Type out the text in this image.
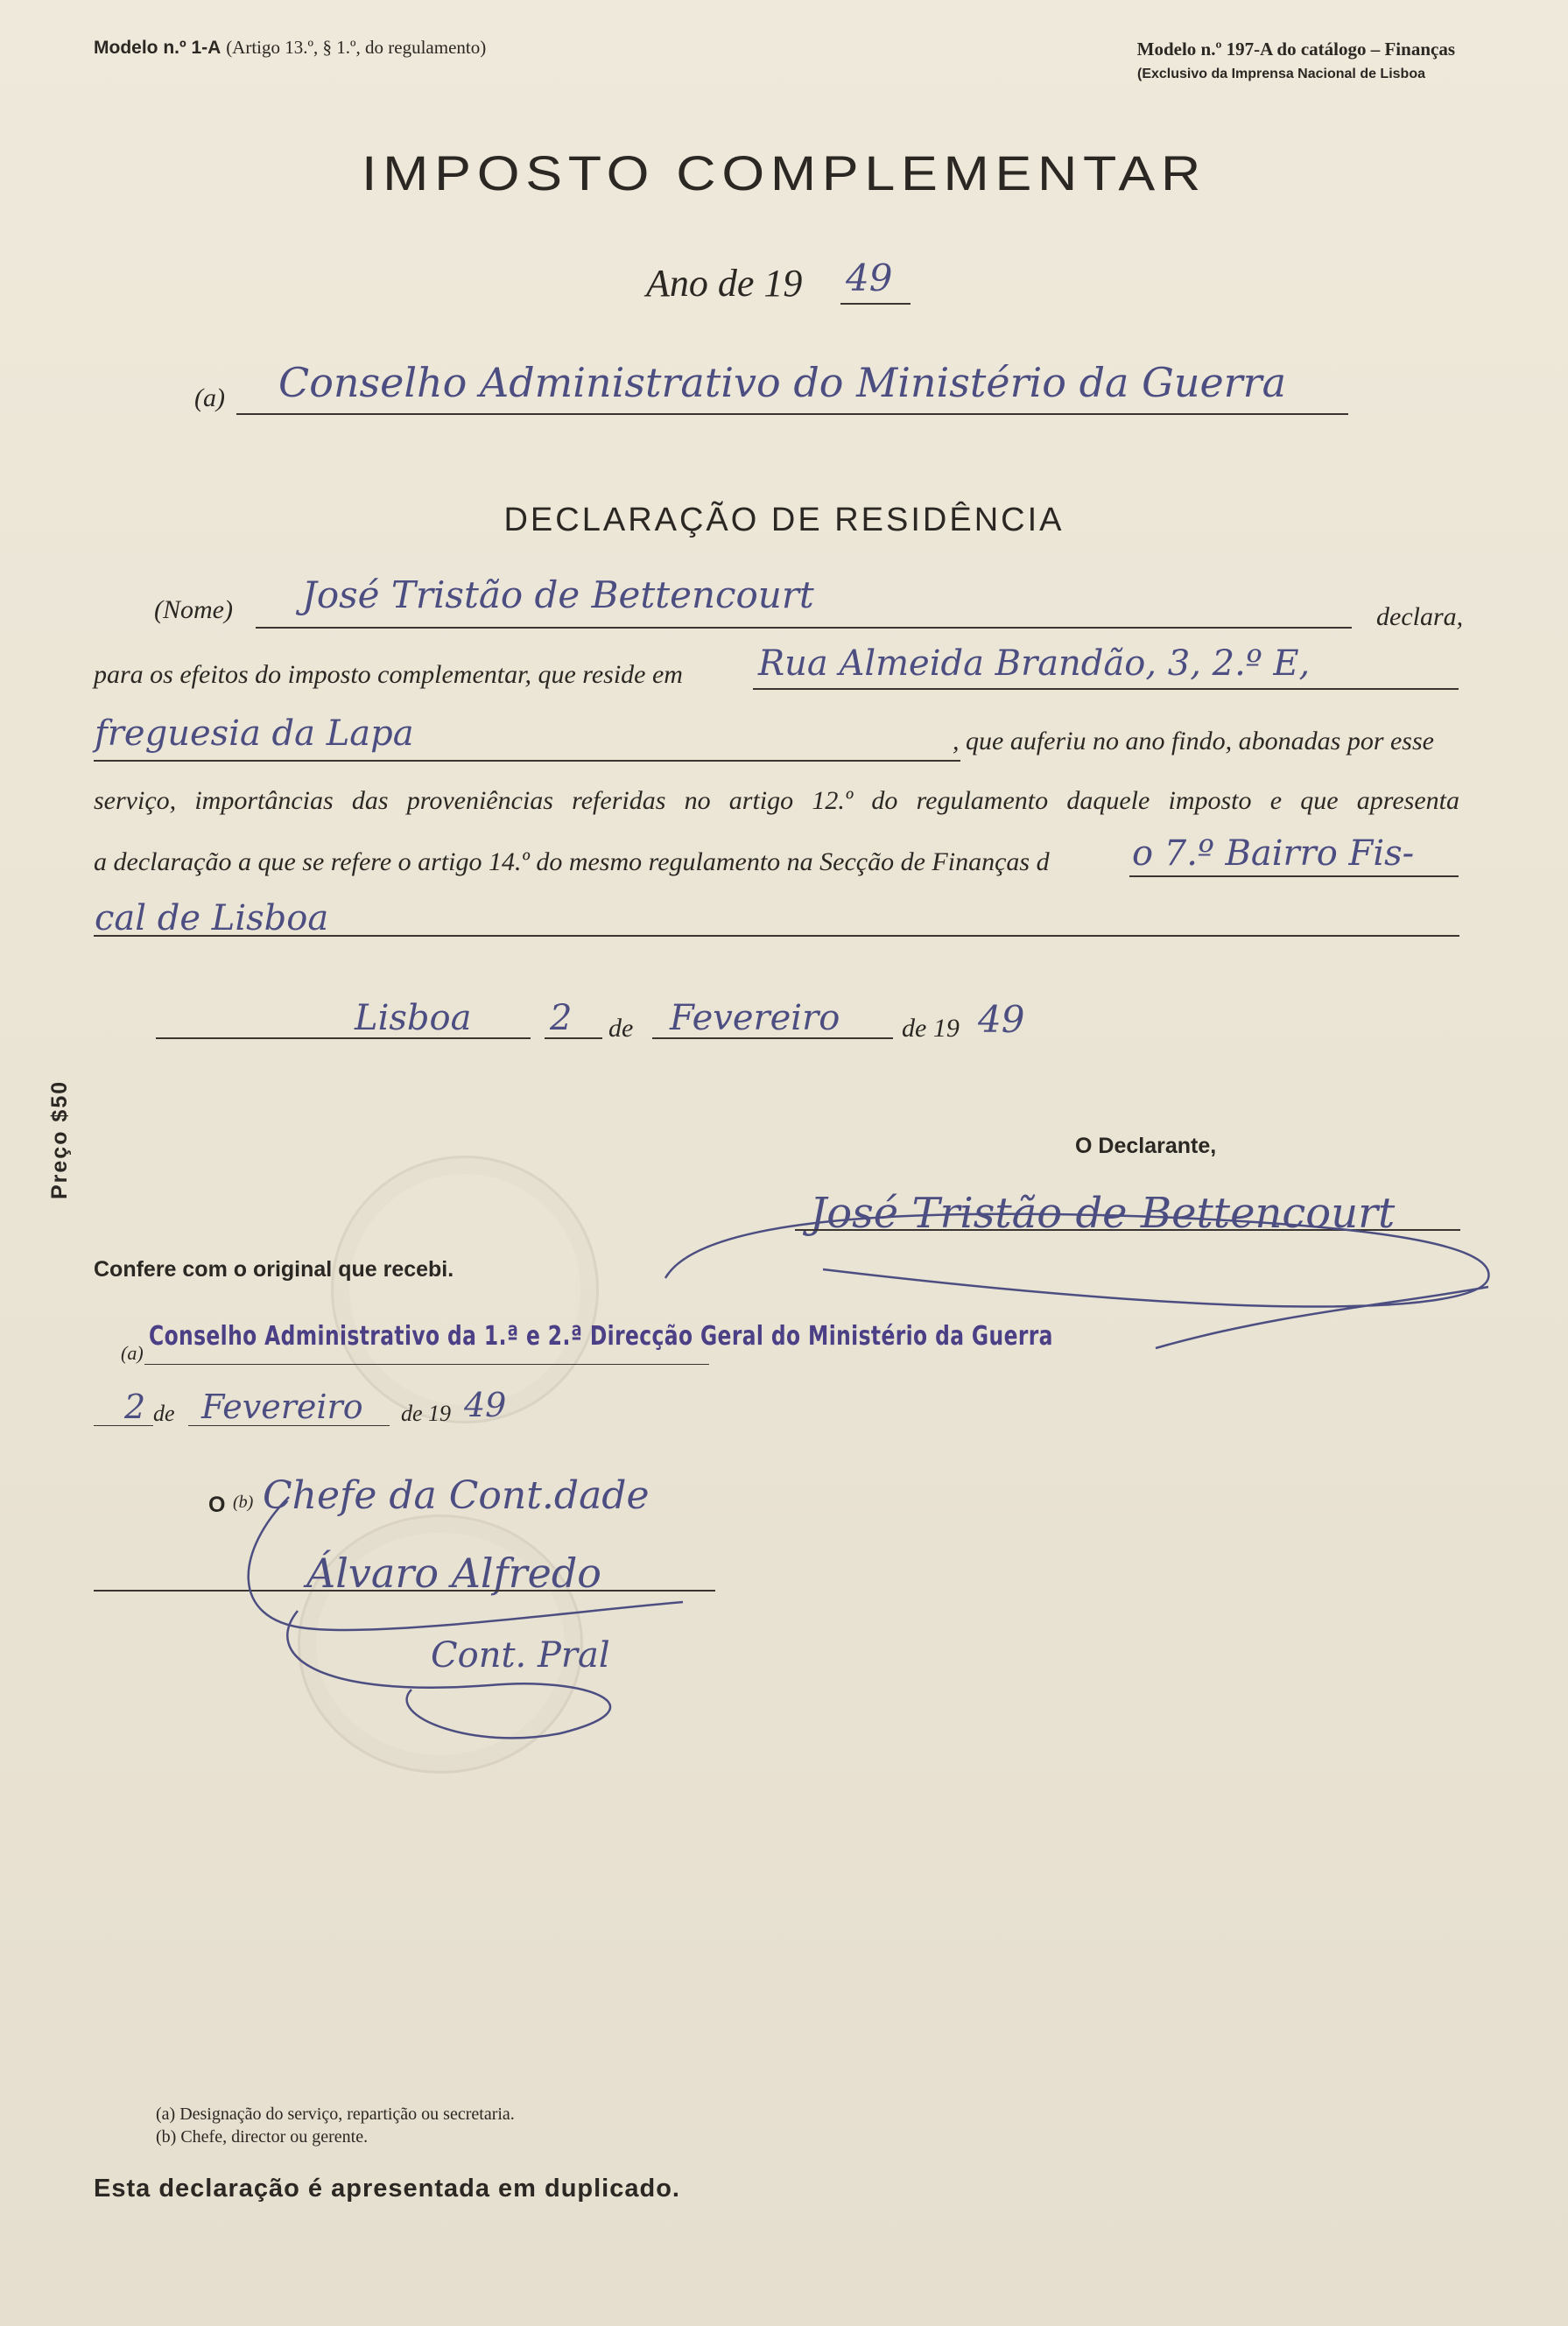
Modelo n.º 1-A (Artigo 13.º, § 1.º, do regulamento)	Modelo n.º 197-A do catálogo – Finanças
(Exclusivo da Imprensa Nacional de Lisboa
IMPOSTO COMPLEMENTAR
Ano de 19 49
(a) Conselho Administrativo do Ministério da Guerra
DECLARAÇÃO DE RESIDÊNCIA
(Nome) José Tristão de Bettencourt
declara,
para os efeitos do imposto complementar, que reside em Rua Almeida Brandão, 3, 2.º E,
freguesia da Lapa	, que auferiu no ano findo, abonadas por esse
serviço, importâncias das proveniências referidas no artigo 12.º do regulamento daquele imposto e que apresenta
a declaração a que se refere o artigo 14.º do mesmo regulamento na Secção de Finanças d o 7.º Bairro Fis-
cal de Lisboa
Lisboa 2 de Fevereiro de 19 49
O Declarante,
José Tristão de Bettencourt
Preço $50
Confere com o original que recebi.
(a)
Conselho Administrativo da 1.ª e 2.ª Direcção Geral do Ministério da Guerra
2 de Fevereiro de 19 49
O (b) Chefe da Cont.dade
Álvaro Alfredo
Cont. Pral
(a) Designação do serviço, repartição ou secretaria.
(b) Chefe, director ou gerente.
Esta declaração é apresentada em duplicado.
